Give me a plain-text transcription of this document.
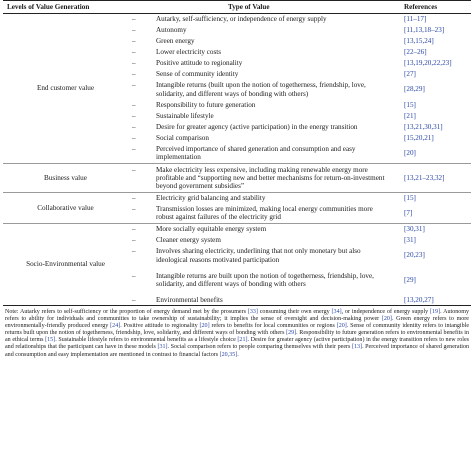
Levels of Value Generation	Type of Value	References
End customer value	– Autarky, self-sufficiency, or independence of energy supply	[11–17]

	– Autonomy	[11,13,18–23]

	– Green energy	[13,15,24]

	– Lower electricity costs	[22–26]

	– Positive attitude to regionality	[13,19,20,22,23]

	– Sense of community identity	[27]

	– Intangible returns (built upon the notion of togetherness, friendship, love, solidarity, and different ways of bonding with others)	[28,29]

	– Responsibility to future generation	[15]

	– Sustainable lifestyle	[21]

	– Desire for greater agency (active participation) in the energy transition	[13,21,30,31]

	– Social comparison	[15,20,21]

	– Perceived importance of shared generation and consumption and easy implementation	[20]
Business value	– Make electricity less expensive, including making renewable energy more profitable and “supporting new and better mechanisms for return-on-investment beyond government subsidies”	[13,21–23,32]
Collaborative value	– Electricity grid balancing and stability	[15]

	– Transmission losses are minimized, making local energy communities more robust against failures of the electricity grid	[7]
Socio-Environmental value	– More socially equitable energy system	[30,31]

	– Cleaner energy system	[31]

	– Involves sharing electricity, underlining that not only monetary but also ideological reasons motivated participation	[20,23]

	– Intangible returns are built upon the notion of togetherness, friendship, love, solidarity, and different ways of bonding with others	[29]

	– Environmental benefits	[13,20,27]

Note: Autarky refers to self-sufficiency or the proportion of energy demand met by the prosumers [33] consuming their own energy [34], or independence of energy supply [19]. Autonomy refers to ability for individuals and communities to take ownership of sustainability; it implies the sense of oversight and decision-making power [20]. Green energy refers to more environmentally-friendly produced energy [24]. Positive attitude to regionality [20] refers to benefits for local communities or regions [20]. Sense of community identity refers to intangible returns built upon the notion of togetherness, friendship, love, solidarity, and different ways of bonding with others [29]. Responsibility to future generation refers to environmental benefits in an ethical terms [15]. Sustainable lifestyle refers to environmental benefits as a lifestyle choice [21]. Desire for greater agency (active participation) in the energy transition refers to new roles and relationships that the participant can have in these models [31]. Social comparison refers to people comparing themselves with their peers [13]. Perceived importance of shared generation and consumption and easy implementation are mentioned in contrast to financial factors [20,35].
